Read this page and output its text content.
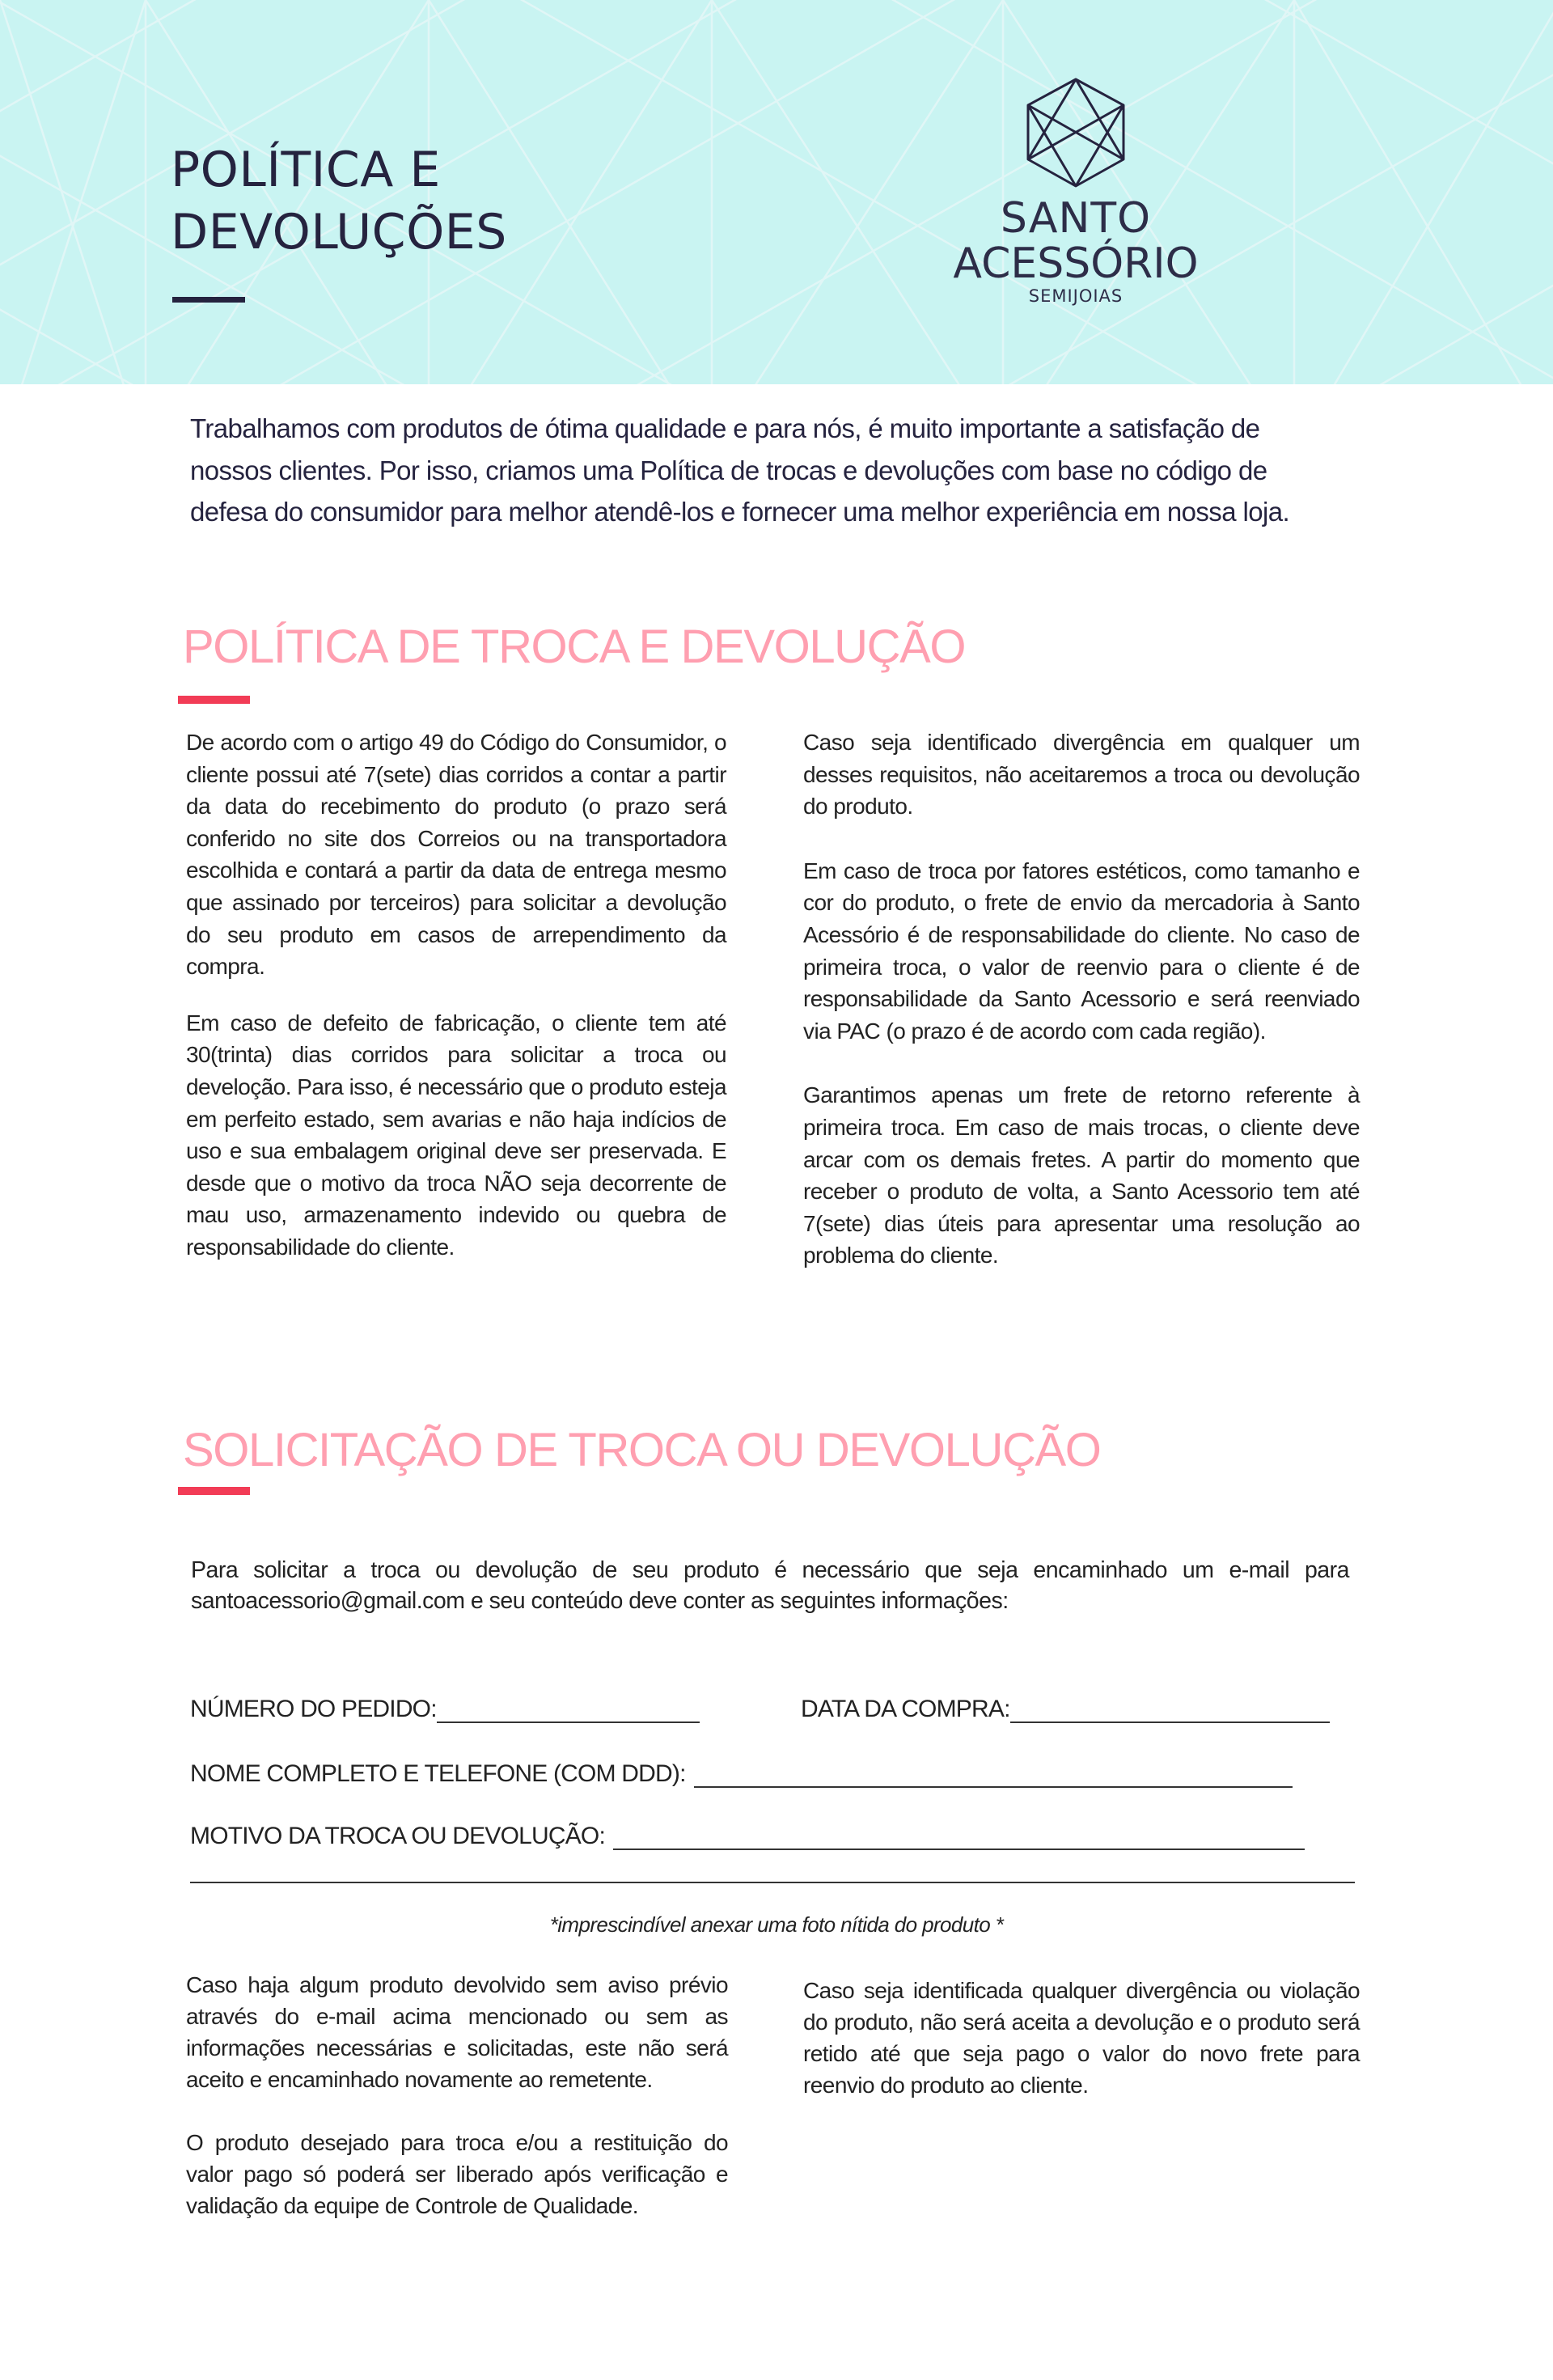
POLÍTICA E
DEVOLUÇÕES	SANTO
ACESSÓRIO
SEMIJOIAS

Trabalhamos com produtos de ótima qualidade e para nós, é muito importante a satisfação de nossos clientes. Por isso, criamos uma Política de trocas e devoluções com base no código de defesa do consumidor para melhor atendê-los e fornecer uma melhor experiência em nossa loja.

POLÍTICA DE TROCA E DEVOLUÇÃO

De acordo com o artigo 49 do Código do Consumidor, o cliente possui até 7(sete) dias corridos a contar a partir da data do recebimento do produto (o prazo será conferido no site dos Correios ou na transportadora escolhida e contará a partir da data de entrega mesmo que assinado por terceiros) para solicitar a devolução do seu produto em casos de arrependimento da compra.

Em caso de defeito de fabricação, o cliente tem até 30(trinta) dias corridos para solicitar a troca ou develoção. Para isso, é necessário que o produto esteja em perfeito estado, sem avarias e não haja indícios de uso e sua embalagem original deve ser preservada. E desde que o motivo da troca NÃO seja decorrente de mau uso, armazenamento indevido ou quebra de responsabilidade do cliente.

Caso seja identificado divergência em qualquer um desses requisitos, não aceitaremos a troca ou devolução do produto.

Em caso de troca por fatores estéticos, como tamanho e cor do produto, o frete de envio da mercadoria à Santo Acessório é de responsabilidade do cliente. No caso de primeira troca, o valor de reenvio para o cliente é de responsabilidade da Santo Acessorio e será reenviado via PAC (o prazo é de acordo com cada região).

Garantimos apenas um frete de retorno referente à primeira troca. Em caso de mais trocas, o cliente deve arcar com os demais fretes. A partir do momento que receber o produto de volta, a Santo Acessorio tem até 7(sete) dias úteis para apresentar uma resolução ao problema do cliente.

SOLICITAÇÃO DE TROCA OU DEVOLUÇÃO

Para solicitar a troca ou devolução de seu produto é necessário que seja encaminhado um e-mail para santoacessorio@gmail.com e seu conteúdo deve conter as seguintes informações:

NÚMERO DO PEDIDO:	DATA DA COMPRA:
NOME COMPLETO E TELEFONE (COM DDD):
MOTIVO DA TROCA OU DEVOLUÇÃO:
*imprescindível anexar uma foto nítida do produto *

Caso haja algum produto devolvido sem aviso prévio através do e-mail acima mencionado ou sem as informações necessárias e solicitadas, este não será aceito e encaminhado novamente ao remetente.

O produto desejado para troca e/ou a restituição do valor pago só poderá ser liberado após verificação e validação da equipe de Controle de Qualidade.

Caso seja identificada qualquer divergência ou violação do produto, não será aceita a devolução e o produto será retido até que seja pago o valor do novo frete para reenvio do produto ao cliente.
